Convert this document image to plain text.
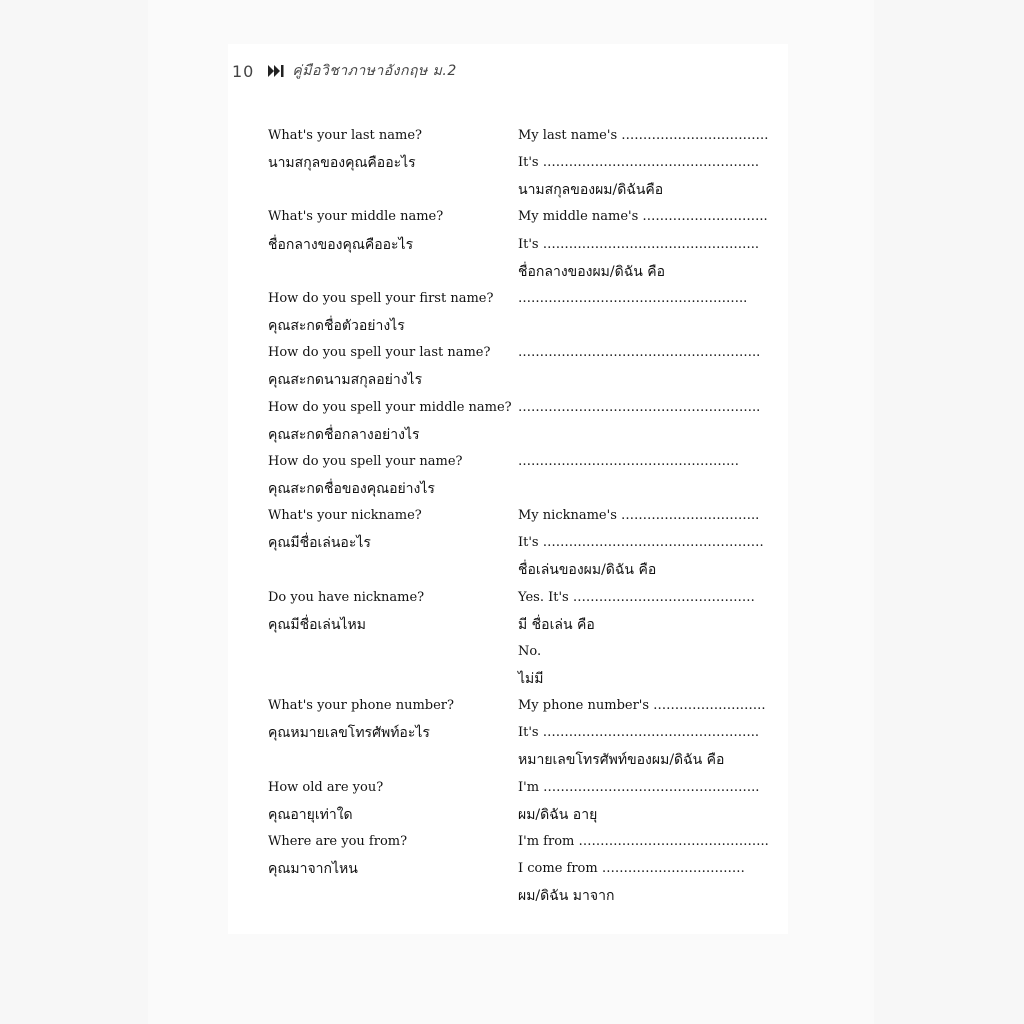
10	คู่มือวิชาภาษาอังกฤษ ม.2
What's your last name?
นามสกุลของคุณคืออะไร
My last name's …………………………….
It's …………………………………………..
นามสกุลของผม/ดิฉันคือ
What's your middle name?
ชื่อกลางของคุณคืออะไร
My middle name's ………………………..
It's …………………………………………..
ชื่อกลางของผม/ดิฉัน คือ
How do you spell your first name?
คุณสะกดชื่อตัวอย่างไร
……………………………………………..
How do you spell your last name?
คุณสะกดนามสกุลอย่างไร
………………………………………………..
How do you spell your middle name?
คุณสะกดชื่อกลางอย่างไร
………………………………………………..
How do you spell your name?
คุณสะกดชื่อของคุณอย่างไร
……………………………………………
What's your nickname?
คุณมีชื่อเล่นอะไร
My nickname's …………………………..
It's ……………………………………………
ชื่อเล่นของผม/ดิฉัน คือ
Do you have nickname?
คุณมีชื่อเล่นไหม
Yes. It's ……………………………………
มี ชื่อเล่น คือ
No.
ไม่มี
What's your phone number?
คุณหมายเลขโทรศัพท์อะไร
My phone number's ……………………..
It's …………………………………………..
หมายเลขโทรศัพท์ของผม/ดิฉัน คือ
How old are you?
คุณอายุเท่าใด
I'm …………………………………………..
ผม/ดิฉัน อายุ
Where are you from?
คุณมาจากไหน
I'm from ……………………………………..
I come from ……………………………
ผม/ดิฉัน มาจาก
